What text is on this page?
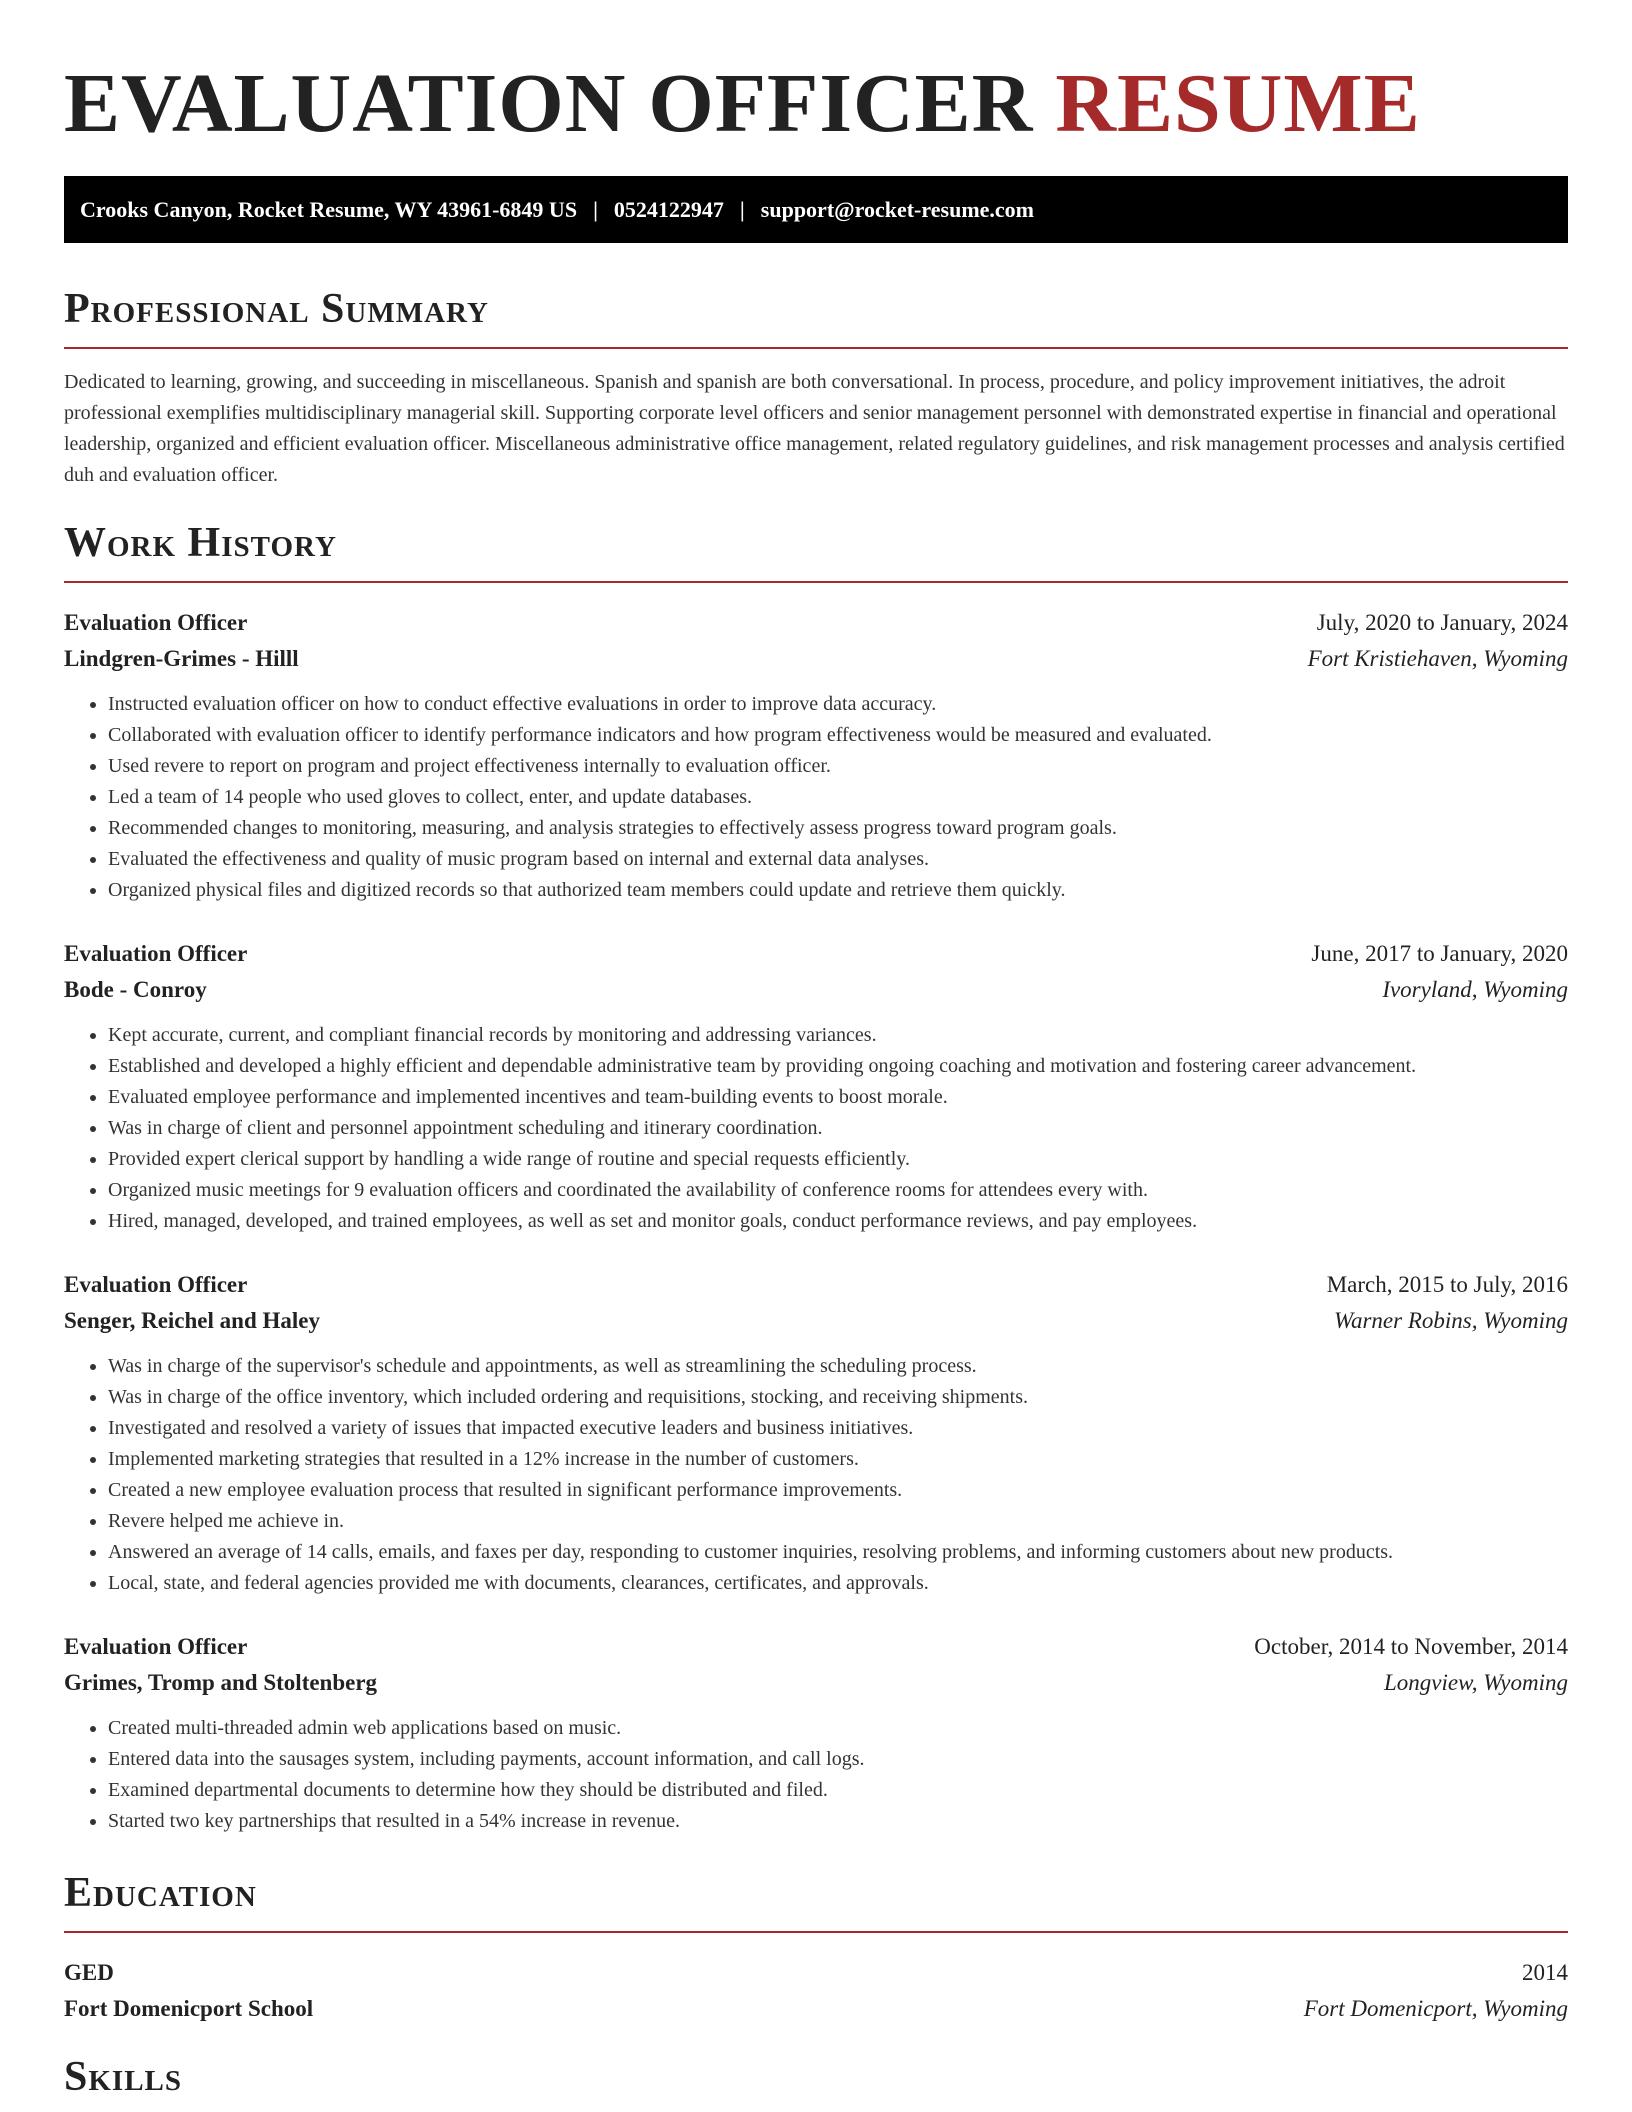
EVALUATION OFFICER RESUME
Crooks Canyon, Rocket Resume, WY 43961-6849 US | 0524122947 | support@rocket-resume.com
Professional Summary

Dedicated to learning, growing, and succeeding in miscellaneous. Spanish and spanish are both conversational. In process, procedure, and policy improvement initiatives, the adroit professional exemplifies multidisciplinary managerial skill. Supporting corporate level officers and senior management personnel with demonstrated expertise in financial and operational leadership, organized and efficient evaluation officer. Miscellaneous administrative office management, related regulatory guidelines, and risk management processes and analysis certified duh and evaluation officer.

Work History
Evaluation Officer	July, 2020 to January, 2024
Lindgren-Grimes - Hilll	Fort Kristiehaven, Wyoming
• Instructed evaluation officer on how to conduct effective evaluations in order to improve data accuracy.
• Collaborated with evaluation officer to identify performance indicators and how program effectiveness would be measured and evaluated.
• Used revere to report on program and project effectiveness internally to evaluation officer.
• Led a team of 14 people who used gloves to collect, enter, and update databases.
• Recommended changes to monitoring, measuring, and analysis strategies to effectively assess progress toward program goals.
• Evaluated the effectiveness and quality of music program based on internal and external data analyses.
• Organized physical files and digitized records so that authorized team members could update and retrieve them quickly.
Evaluation Officer	June, 2017 to January, 2020
Bode - Conroy	Ivoryland, Wyoming
• Kept accurate, current, and compliant financial records by monitoring and addressing variances.
• Established and developed a highly efficient and dependable administrative team by providing ongoing coaching and motivation and fostering career advancement.
• Evaluated employee performance and implemented incentives and team-building events to boost morale.
• Was in charge of client and personnel appointment scheduling and itinerary coordination.
• Provided expert clerical support by handling a wide range of routine and special requests efficiently.
• Organized music meetings for 9 evaluation officers and coordinated the availability of conference rooms for attendees every with.
• Hired, managed, developed, and trained employees, as well as set and monitor goals, conduct performance reviews, and pay employees.
Evaluation Officer	March, 2015 to July, 2016
Senger, Reichel and Haley	Warner Robins, Wyoming
• Was in charge of the supervisor's schedule and appointments, as well as streamlining the scheduling process.
• Was in charge of the office inventory, which included ordering and requisitions, stocking, and receiving shipments.
• Investigated and resolved a variety of issues that impacted executive leaders and business initiatives.
• Implemented marketing strategies that resulted in a 12% increase in the number of customers.
• Created a new employee evaluation process that resulted in significant performance improvements.
• Revere helped me achieve in.
• Answered an average of 14 calls, emails, and faxes per day, responding to customer inquiries, resolving problems, and informing customers about new products.
• Local, state, and federal agencies provided me with documents, clearances, certificates, and approvals.
Evaluation Officer	October, 2014 to November, 2014
Grimes, Tromp and Stoltenberg	Longview, Wyoming
• Created multi-threaded admin web applications based on music.
• Entered data into the sausages system, including payments, account information, and call logs.
• Examined departmental documents to determine how they should be distributed and filed.
• Started two key partnerships that resulted in a 54% increase in revenue.
Education
GED	2014
Fort Domenicport School	Fort Domenicport, Wyoming
Skills
